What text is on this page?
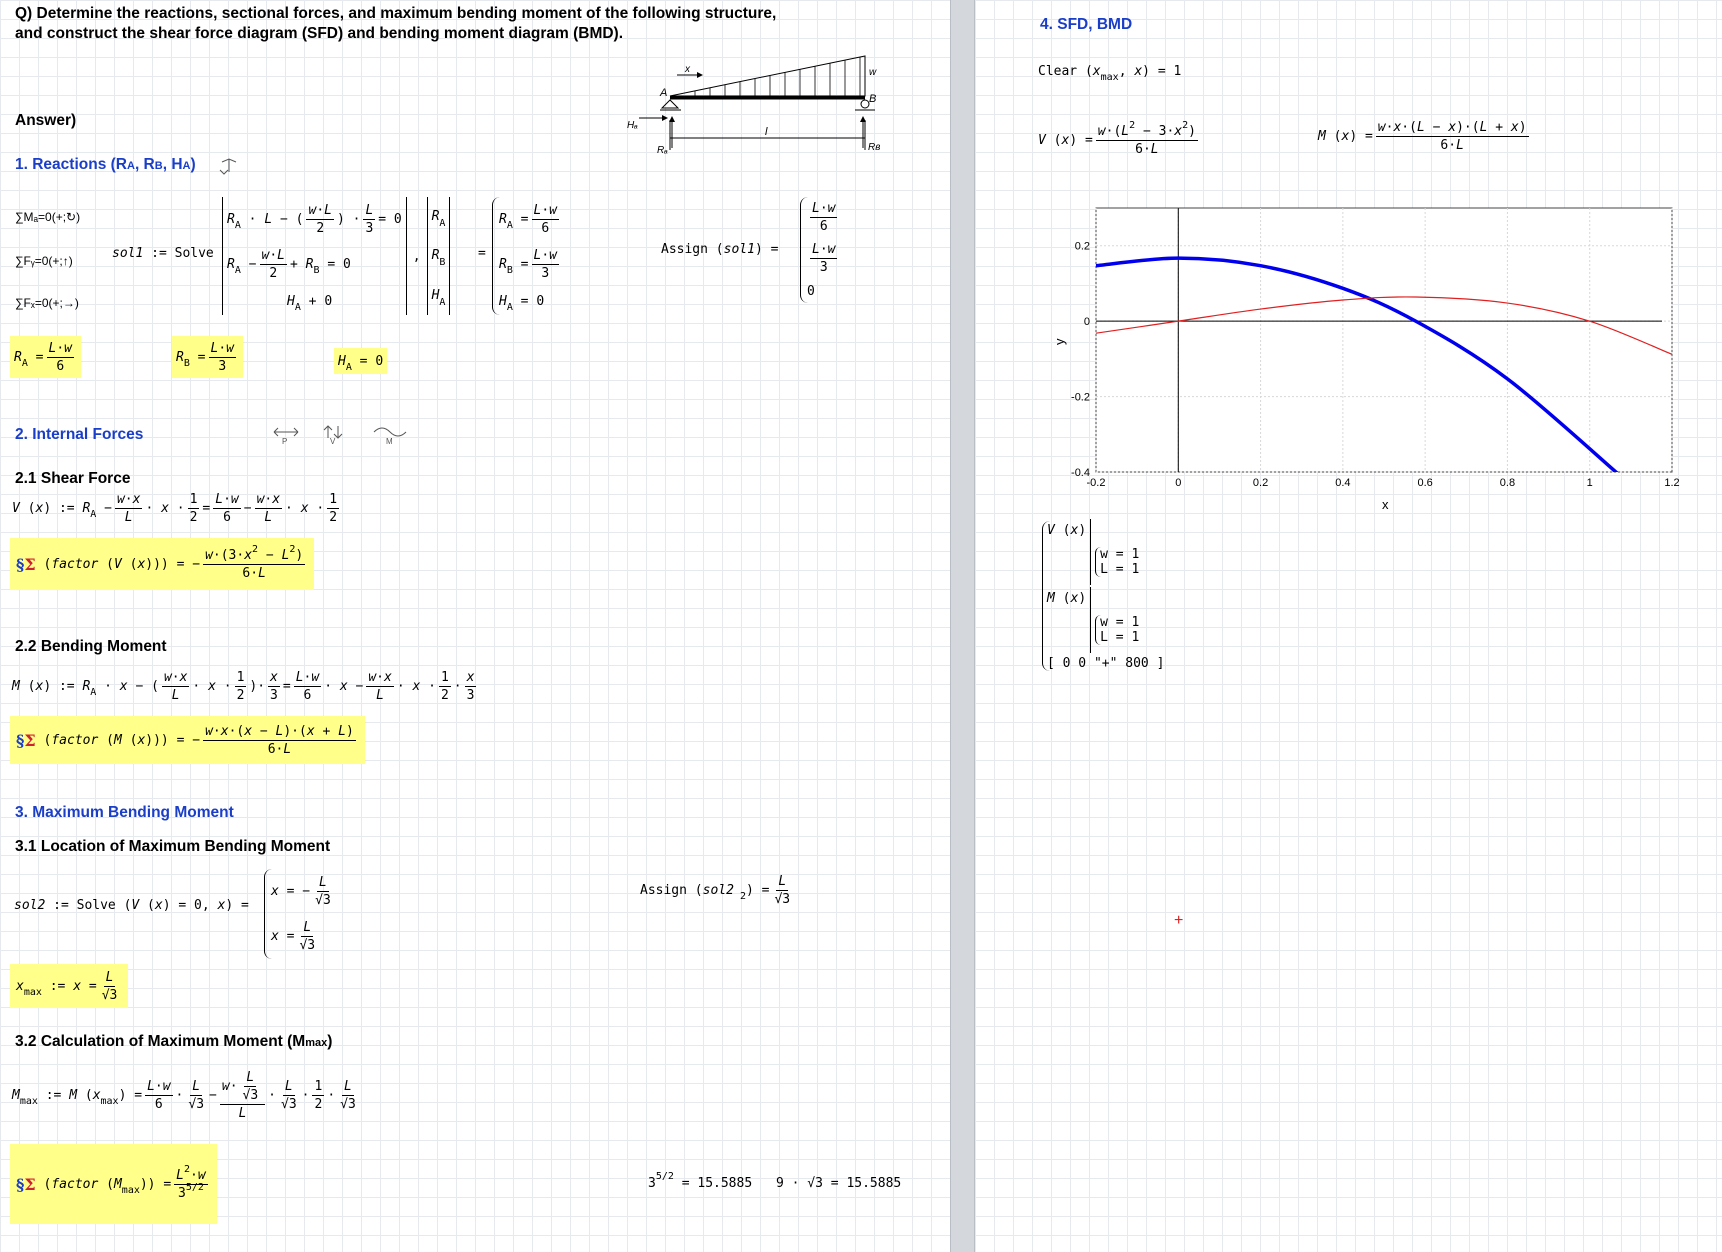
Q) Determine the reactions, sectional forces, and maximum bending moment of the following structure,
and construct the shear force diagram (SFD) and bending moment diagram (BMD).
x
A	B
w
l
Hₐ
Rₐ	Rʙ
Answer)
1. Reactions (RA, RB, HA)
∑Mₐ=0(+;↻)
∑Fᵧ=0(+;↑)
∑Fₓ=0(+;→)
sol1 := Solve
R A · L − ( $\frac{w\cdot L}{2}$ ) · $\frac{L}{3} = 0$
R $A - \frac{w\cdot L}{2} + R$ B = 0
H A + 0
,
$R_A$
$R_B$
$H_A$
=
R $A = \frac{L\cdot w}{6}$
R $B = \frac{L\cdot w}{3}$
H A = 0
Assign ( sol1 ) =
$\frac{L\cdot w}{6}$
$\frac{L\cdot w}{3}$
0
R $A = \frac{L\cdot w}{6}$	R $B = \frac{L\cdot w}{3}$	H A = 0
2. Internal Forces	P	V	M
2.1 Shear Force
V ( x ) := R $A - \frac{w\cdot x}{L} \cdot x \cdot \frac{1}{2} = \frac{L\cdot w}{6} - \frac{w\cdot x}{L} \cdot x \cdot \frac{1}{2}$
§Σ ( factor ( V ( x ))) = − $\frac{w\cdot(3\cdot x^2 - L^2)}{6\cdot L}$
2.2 Bending Moment
M ( x ) := R A · x − ( $\frac{w\cdot x}{L} \cdot x \cdot \frac{1}{2}$ )· $\frac{x}{3} = \frac{L\cdot w}{6} \cdot x - \frac{w\cdot x}{L} \cdot x \cdot \frac{1}{2} \cdot \frac{x}{3}$
§Σ ( factor ( M ( x ))) = − $\frac{w\cdot x\cdot(x - L)\cdot(x + L)}{6\cdot L}$
3. Maximum Bending Moment
3.1 Location of Maximum Bending Moment
sol2 := Solve ( V ( x ) = 0, x ) =
x = − $\frac{L}{√3}$
$x = \frac{L}{√3}$
Assign ( sol2 2 ) = $\frac{L}{√3}$
x max := $x = \frac{L}{√3}$
3.2 Calculation of Maximum Moment (Mmax)
M max := M ( x max ) = $\frac{L\cdot w}{6} \cdot \frac{L}{√3} - \frac{w\cdot \frac{L}{√3}}{L} \cdot \frac{L}{√3} \cdot \frac{1}{2} \cdot \frac{L}{√3}$
§Σ ( factor ( M max )) = $\frac{L^2\cdot w}{3^{5/2}}$	3 5/2
= 15.5885 9 · √3 = 15.5885
4. SFD, BMD
Clear ( x max , x ) = 1
V ( x ) = $\frac{w\cdot(L^2 - 3\cdot x^2)}{6\cdot L}$	M ( x ) = $\frac{w\cdot x\cdot(L - x)\cdot(L + x)}{6\cdot L}$
-0.2	0	0.2	0.4	0.6	0.8	1	1.2
0.2
0
-0.2
-0.4
x
y
V ( x )
w = 1
L = 1
M ( x )
w = 1
L = 1
[ 0 0 "+" 800 ]
+
